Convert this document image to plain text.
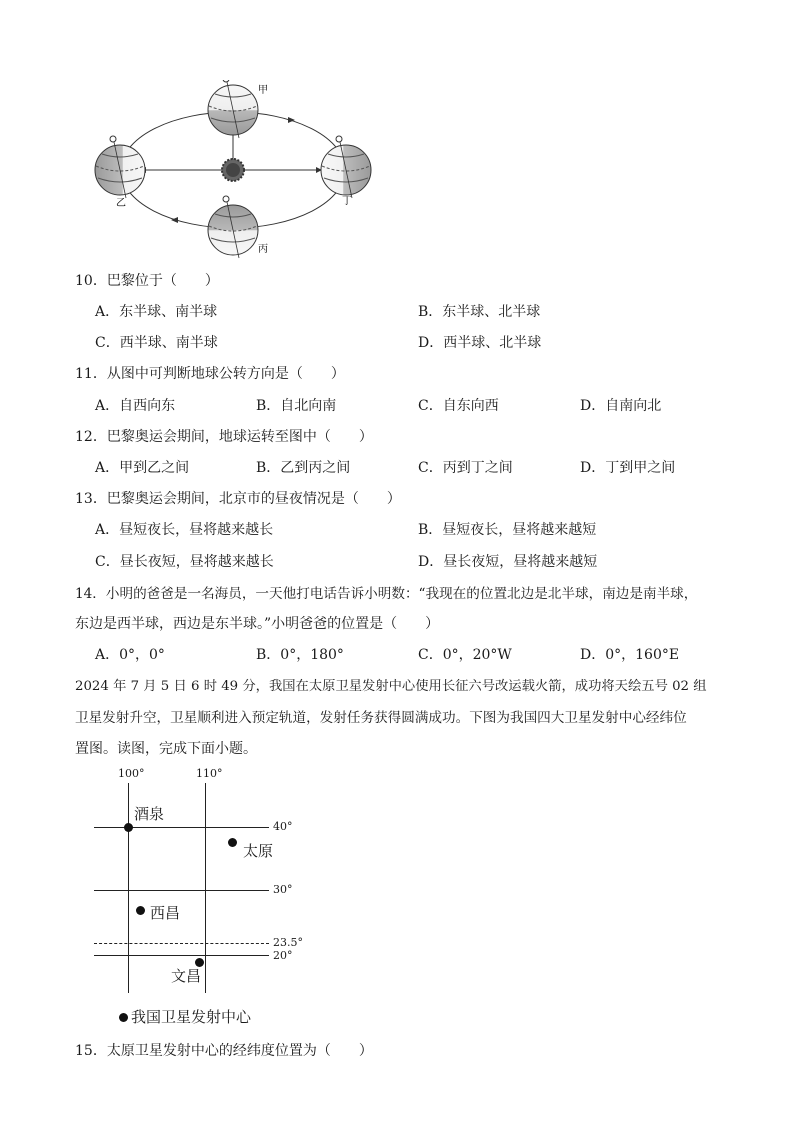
甲
乙
丙
丁
10．巴黎位于（　　）
A．东半球、南半球	B．东半球、北半球
C．西半球、南半球	D．西半球、北半球
11．从图中可判断地球公转方向是（　　）
A．自西向东	B．自北向南	C．自东向西	D．自南向北
12．巴黎奥运会期间，地球运转至图中（　　）
A．甲到乙之间	B．乙到丙之间	C．丙到丁之间	D．丁到甲之间
13．巴黎奥运会期间，北京市的昼夜情况是（　　）
A．昼短夜长，昼将越来越长	B．昼短夜长，昼将越来越短
C．昼长夜短，昼将越来越长	D．昼长夜短，昼将越来越短
14．小明的爸爸是一名海员，一天他打电话告诉小明数：“我现在的位置北边是北半球，南边是南半球，
东边是西半球，西边是东半球。”小明爸爸的位置是（　　）
A．0°，0°	B．0°，180°	C．0°，20°W	D．0°，160°E
2024 年 7 月 5 日 6 时 49 分，我国在太原卫星发射中心使用长征六号改运载火箭，成功将天绘五号 02 组
卫星发射升空，卫星顺利进入预定轨道，发射任务获得圆满成功。下图为我国四大卫星发射中心经纬位
置图。读图，完成下面小题。
100°	110°
40°
30°
23.5°
20°
酒泉
太原
西昌
文昌
我国卫星发射中心
15．太原卫星发射中心的经纬度位置为（　　）
